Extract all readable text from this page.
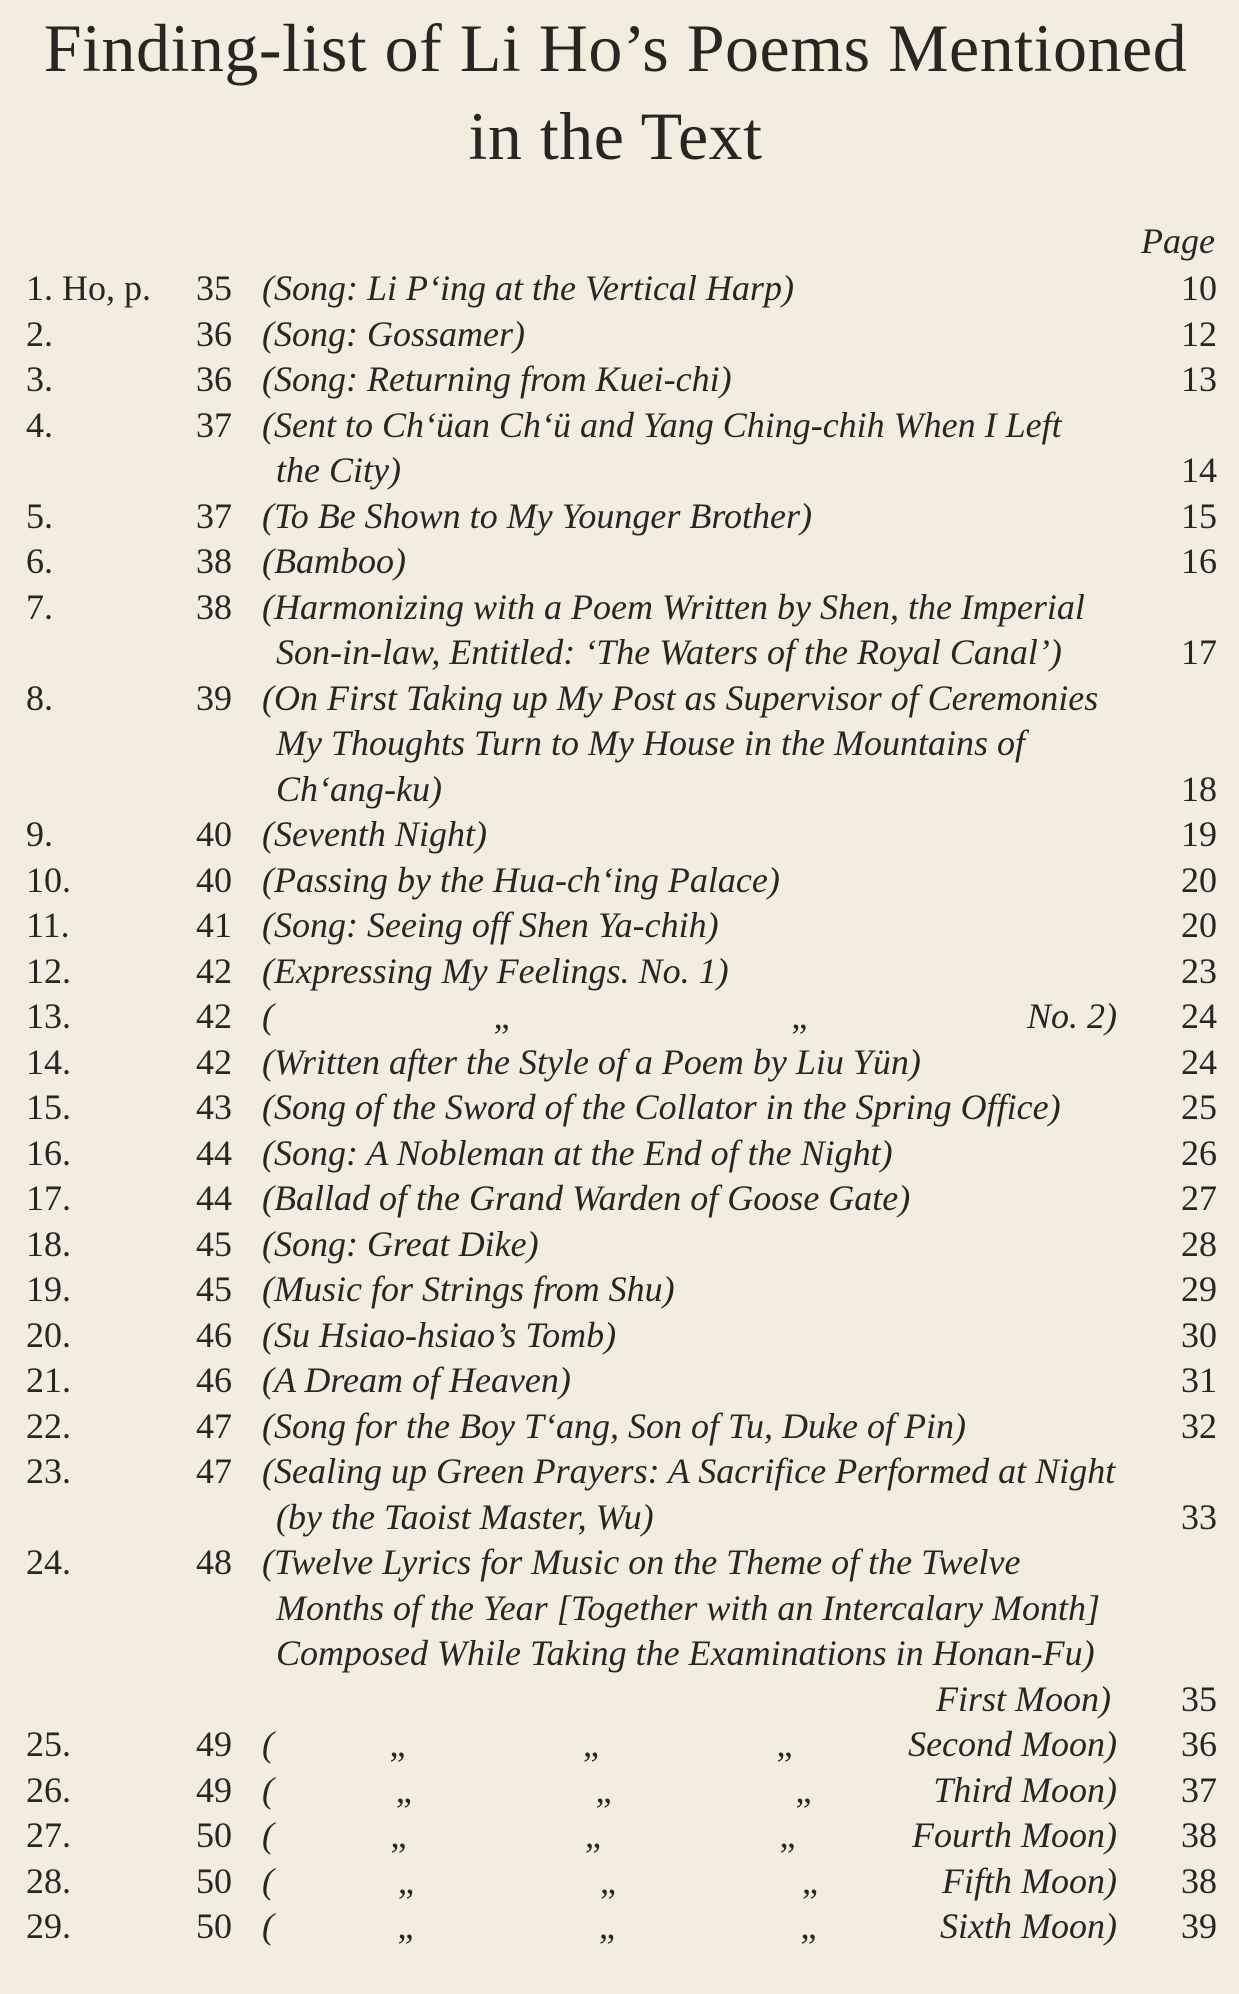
Finding-list of Li Ho’s Poems Mentioned
in the Text
Page
1. Ho, p.	35 (Song: Li P‘ing at the Vertical Harp)	10
2.	36 (Song: Gossamer)	12
3.	36 (Song: Returning from Kuei-chi)	13
4.	37 (Sent to Ch‘üan Ch‘ü and Yang Ching-chih When I Left
the City)	14
5.	37 (To Be Shown to My Younger Brother)	15
6.	38 (Bamboo)	16
7.	38 (Harmonizing with a Poem Written by Shen, the Imperial
Son-in-law, Entitled: ‘The Waters of the Royal Canal’)	17
8.	39 (On First Taking up My Post as Supervisor of Ceremonies
My Thoughts Turn to My House in the Mountains of
Ch‘ang-ku)	18
9.	40 (Seventh Night)	19
10.	40 (Passing by the Hua-ch‘ing Palace)	20
11.	41 (Song: Seeing off Shen Ya-chih)	20
12.	42 (Expressing My Feelings. No. 1)	23
13.	42 (	„	„	No. 2)	24
14.	42 (Written after the Style of a Poem by Liu Yün)	24
15.	43 (Song of the Sword of the Collator in the Spring Office)	25
16.	44 (Song: A Nobleman at the End of the Night)	26
17.	44 (Ballad of the Grand Warden of Goose Gate)	27
18.	45 (Song: Great Dike)	28
19.	45 (Music for Strings from Shu)	29
20.	46 (Su Hsiao-hsiao’s Tomb)	30
21.	46 (A Dream of Heaven)	31
22.	47 (Song for the Boy T‘ang, Son of Tu, Duke of Pin)	32
23.	47 (Sealing up Green Prayers: A Sacrifice Performed at Night
(by the Taoist Master, Wu)	33
24.	48 (Twelve Lyrics for Music on the Theme of the Twelve
Months of the Year [Together with an Intercalary Month]
Composed While Taking the Examinations in Honan-Fu)
First Moon)	35
25.	49 (	„	„	„	Second Moon)	36
26.	49 (	„	„	„	Third Moon)	37
27.	50 (	„	„	„	Fourth Moon)	38
28.	50 (	„	„	„	Fifth Moon)	38
29.	50 (	„	„	„	Sixth Moon)	39
